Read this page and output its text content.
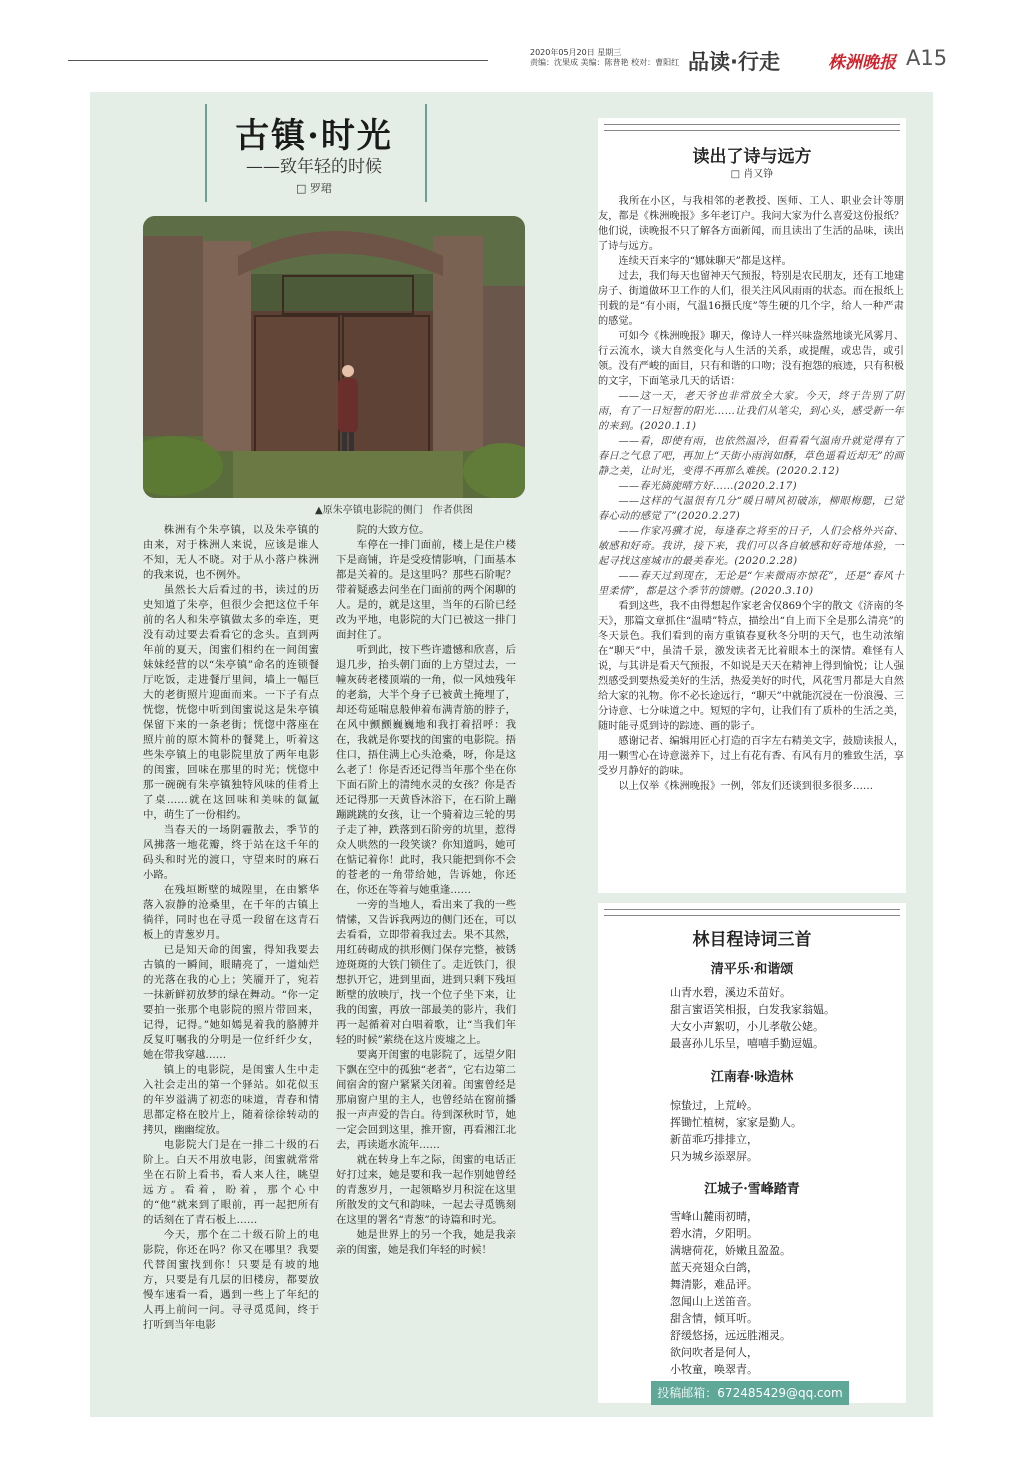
2020年05月20日 星期三
责编：沈果成 美编：陈普艳 校对：曹阳红 品读·行走	株洲晚报 A15
古镇·时光
——致年轻的时候
□ 罗珺
▲原朱亭镇电影院的侧门　作者供图

株洲有个朱亭镇，以及朱亭镇的由来，对于株洲人来说，应该是谁人不知，无人不晓。对于从小落户株洲的我来说，也不例外。

虽然长大后看过的书，读过的历史知道了朱亭，但很少会把这位千年前的名人和朱亭镇做太多的牵连，更没有动过要去看看它的念头。直到两年前的夏天，闺蜜们相约在一间闺蜜妹妹经营的以“朱亭镇”命名的连锁餐厅吃饭，走进餐厅里间，墙上一幅巨大的老街照片迎面而来。一下子有点恍惚，恍惚中听到闺蜜说这是朱亭镇保留下来的一条老街；恍惚中落座在照片前的原木简朴的餐凳上，听着这些朱亭镇上的电影院里放了两年电影的闺蜜，回味在那里的时光；恍惚中那一碗碗有朱亭镇独特风味的佳肴上了桌……就在这回味和美味的氤氲中，萌生了一份相约。

当春天的一场阴霾散去，季节的风拂落一地花瓣，终于站在这千年的码头和时光的渡口，守望来时的麻石小路。

在残垣断壁的城隍里，在由繁华落入寂静的沧桑里，在千年的古镇上徜徉，同时也在寻觅一段留在这青石板上的青葱岁月。

已是知天命的闺蜜，得知我要去古镇的一瞬间，眼睛亮了，一道灿烂的光落在我的心上；笑靥开了，宛若一抹新鲜初放梦的绿在舞动。“你一定要拍一张那个电影院的照片带回来，记得，记得。”她如嫣晃着我的胳膊并反复叮嘱我的分明是一位纤纤少女，她在带我穿越……

镇上的电影院，是闺蜜人生中走入社会走出的第一个驿站。如花似玉的年岁溢满了初恋的味道，青春和情思都定格在胶片上，随着徐徐转动的拷贝，幽幽绽放。

电影院大门是在一排二十级的石阶上。白天不用放电影，闺蜜就常常坐在石阶上看书，看人来人往，眺望远方。看着，盼着，那个心中的“他”就来到了眼前，再一起把所有的话刻在了青石板上……

今天，那个在二十级石阶上的电影院，你还在吗？你又在哪里？我要代替闺蜜找到你！只要是有坡的地方，只要是有几层的旧楼房，都要放慢车速看一看，遇到一些上了年纪的人再上前问一问。寻寻觅觅间，终于打听到当年电影

院的大致方位。

车停在一排门面前，楼上是住户楼下是商铺，许是受疫情影响，门面基本都是关着的。是这里吗？那些石阶呢？带着疑惑去问坐在门面前的两个闲聊的人。是的，就是这里，当年的石阶已经改为平地，电影院的大门已被这一排门面封住了。

听到此，按下些许遗憾和欣喜，后退几步，抬头朝门面的上方望过去，一幢灰砖老楼顶端的一角，似一风烛残年的老翁，大半个身子已被黄土掩埋了，却还苟延喘息般伸着布满青筋的脖子，在风中颤颤巍巍地和我打着招呼：我在，我就是你要找的闺蜜的电影院。捂住口，捂住满上心头沧桑，呀，你是这么老了！你是否还记得当年那个坐在你下面石阶上的清纯水灵的女孩？你是否还记得那一天黄昏沐浴下，在石阶上蹦蹦跳跳的女孩，让一个骑着边三轮的男子走了神，跌落到石阶旁的坑里，惹得众人哄然的一段笑谈？你知道吗，她可在惦记着你！此时，我只能把到你不会的苍老的一角带给她，告诉她，你还在，你还在等着与她重逢……

一旁的当地人，看出来了我的一些情愫，又告诉我两边的侧门还在，可以去看看，立即带着我过去。果不其然，用红砖砌成的拱形侧门保存完整，被锈迹斑斑的大铁门锁住了。走近铁门，很想扒开它，进到里面，进到只剩下残垣断壁的放映厅，找一个位子坐下来，让我的闺蜜，再放一部最美的影片，我们再一起循着对白唱着歌，让“当我们年轻的时候”萦绕在这片废墟之上。

要离开闺蜜的电影院了，远望夕阳下飘在空中的孤独“老者”，它右边第二间宿舍的窗户紧紧关闭着。闺蜜曾经是那扇窗户里的主人，也曾经站在窗前播报一声声爱的告白。待到深秋时节，她一定会回到这里，推开窗，再看湘江北去，再读逝水流年……

就在转身上车之际，闺蜜的电话正好打过来，她是要和我一起作别她曾经的青葱岁月，一起领略岁月积淀在这里所散发的文气和韵味，一起去寻觅镌刻在这里的署名“青葱”的诗篇和时光。

她是世界上的另一个我，她是我亲亲的闺蜜，她是我们年轻的时候！

读出了诗与远方
□ 肖又铮

我所在小区，与我相邻的老教授、医师、工人、职业会计等朋友，都是《株洲晚报》多年老订户。我问大家为什么喜爱这份报纸？他们说，读晚报不只了解各方面新闻，而且读出了生活的品味，读出了诗与远方。

连续天百来字的“娜妹聊天”都是这样。

过去，我们每天也留神天气预报，特别是农民朋友，还有工地建房子、街道做环卫工作的人们，很关注风风雨雨的状态。而在报纸上刊载的是“有小雨，气温16摄氏度”等生硬的几个字，给人一种严肃的感觉。

可如今《株洲晚报》聊天，像诗人一样兴味盎然地谈光风雾月、行云流水，谈大自然变化与人生活的关系，或提醒，或忠告，或引领。没有严峻的面目，只有和谐的口吻；没有抱怨的痕迹，只有积极的文字，下面笔录几天的话语：

——这一天，老天爷也非常放全大家。今天，终于告别了阴雨，有了一日短暂的阳光……让我们从笔尖，到心头，感受新一年的来到。(2020.1.1)

——看，即使有雨，也依然温冷，但看看气温南升就觉得有了春日之气息了吧，再加上“天街小雨润如酥，草色遥看近却无”的画静之美，让时光，变得不再那么难挨。(2020.2.12)

——春光旖旎晴方好……(2020.2.17)

——这样的气温很有几分“暖日晴风初破冻，柳眼梅腮，已觉春心动的感觉了”(2020.2.27)

——作家冯骥才说，每逢春之将至的日子，人们会格外兴奋、敏感和好奇。我讲，接下来，我们可以各自敏感和好奇地体验，一起寻找这座城市的最美春光。(2020.2.28)

——春天过到现在，无论是“乍来微雨亦惊花”，还是“春风十里柔情”，都是这个季节的馈赠。(2020.3.10)

看到这些，我不由得想起作家老舍仅869个字的散文《济南的冬天》，那篇文章抓住“温晴”特点，描绘出“自上而下全是那么清亮”的冬天景色。我们看到的南方重镇春夏秋冬分明的天气，也生动浓缩在“聊天”中，虽清千景，激发读者无比着眼本土的深情。难怪有人说，与其讲是看天气预报，不如说是天天在精神上得到愉悦；让人强烈感受到要热爱美好的生活，热爱美好的时代，风花雪月都是大自然给大家的礼物。你不必长途远行，“聊天”中就能沉浸在一份浪漫、三分诗意、七分味道之中。短短的字句，让我们有了质朴的生活之美，随时能寻觅到诗的踪迹、画的影子。

感谢记者、编辑用匠心打造的百字左右精美文字，鼓励读报人，用一颗雪心在诗意滋养下，过上有花有香、有风有月的雅致生活，享受岁月静好的韵味。

以上仅举《株洲晚报》一例，邻友们还谈到很多很多……

林目程诗词三首
清平乐·和谐颂
山青水碧，溪边禾苗好。
甜言蜜语笑相报，白发我家翁媪。
大女小声絮叨，小儿孝敬公姥。
最喜孙儿乐呈，嘻嘻手勤逗媪。
江南春·咏造林
惊蛰过，上荒岭。
挥锄忙植树，家家是勤人。
新苗乖巧排排立，
只为城乡添翠屏。
江城子·雪峰踏青
雪峰山麓雨初晴，
碧水清，夕阳明。
满塘荷花，娇嫩且盈盈。
蓝天亮翅众白鸽，
舞清影，难品评。
忽闻山上送笛音。
甜含情，倾耳听。
舒缓悠扬，远远胜湘灵。
欲问吹者是何人，
小牧童，唤翠青。
投稿邮箱：672485429@qq.com
